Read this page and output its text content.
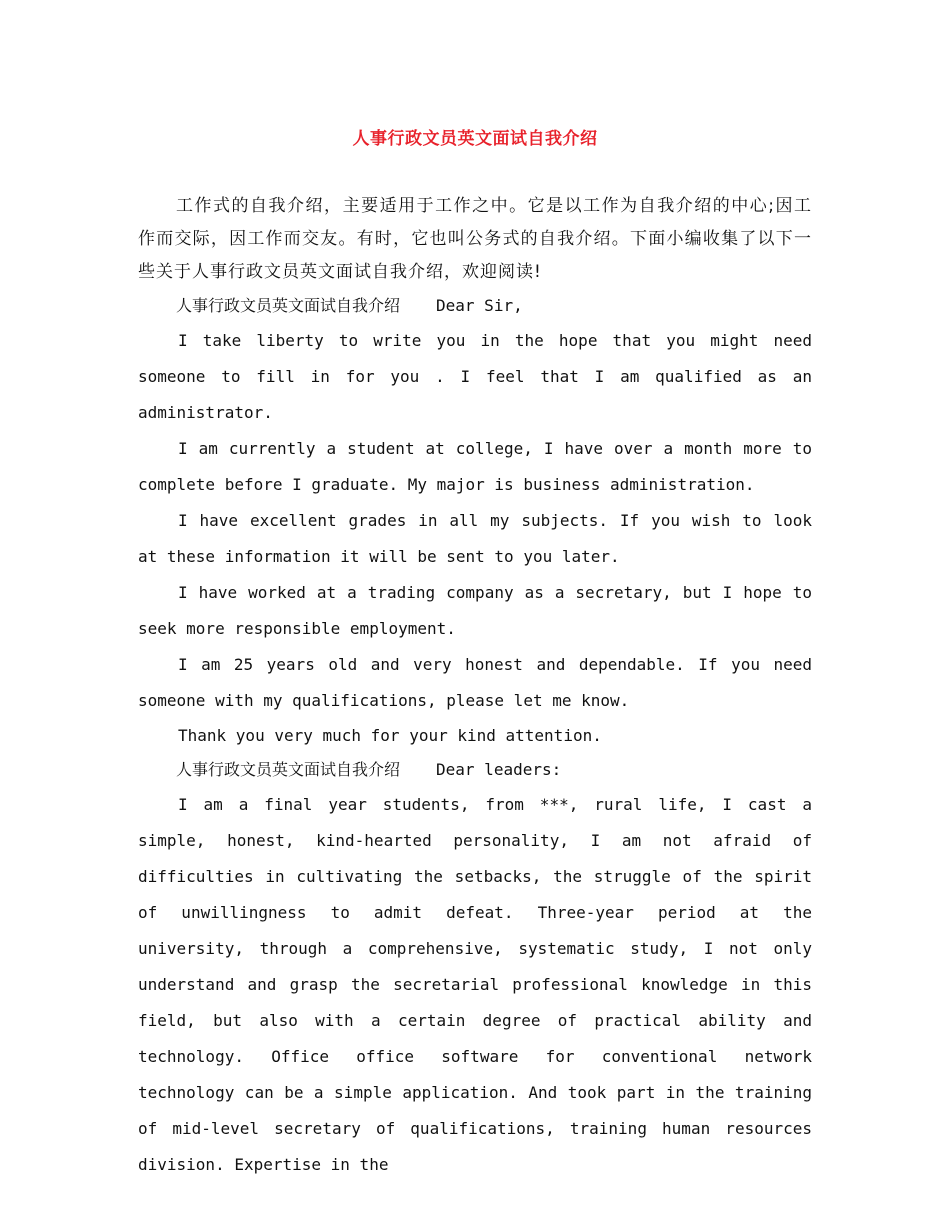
人事行政文员英文面试自我介绍

工作式的自我介绍，主要适用于工作之中。它是以工作为自我介绍的中心;因工作而交际，因工作而交友。有时，它也叫公务式的自我介绍。下面小编收集了以下一些关于人事行政文员英文面试自我介绍，欢迎阅读!

人事行政文员英文面试自我介绍 Dear Sir,

I take liberty to write you in the hope that you might need someone to fill in for you . I feel that I am qualified as an administrator.

I am currently a student at college, I have over a month more to complete before I graduate. My major is business administration.

I have excellent grades in all my subjects. If you wish to look at these information it will be sent to you later.

I have worked at a trading company as a secretary, but I hope to seek more responsible employment.

I am 25 years old and very honest and dependable. If you need someone with my qualifications, please let me know.

Thank you very much for your kind attention.

人事行政文员英文面试自我介绍 Dear leaders:

I am a final year students, from ***, rural life, I cast a simple, honest, kind-hearted personality, I am not afraid of difficulties in cultivating the setbacks, the struggle of the spirit of unwillingness to admit defeat. Three-year period at the university, through a comprehensive, systematic study, I not only understand and grasp the secretarial professional knowledge in this field, but also with a certain degree of practical ability and technology. Office office software for conventional network technology can be a simple application. And took part in the training of mid-level secretary of qualifications, training human resources division. Expertise in the
